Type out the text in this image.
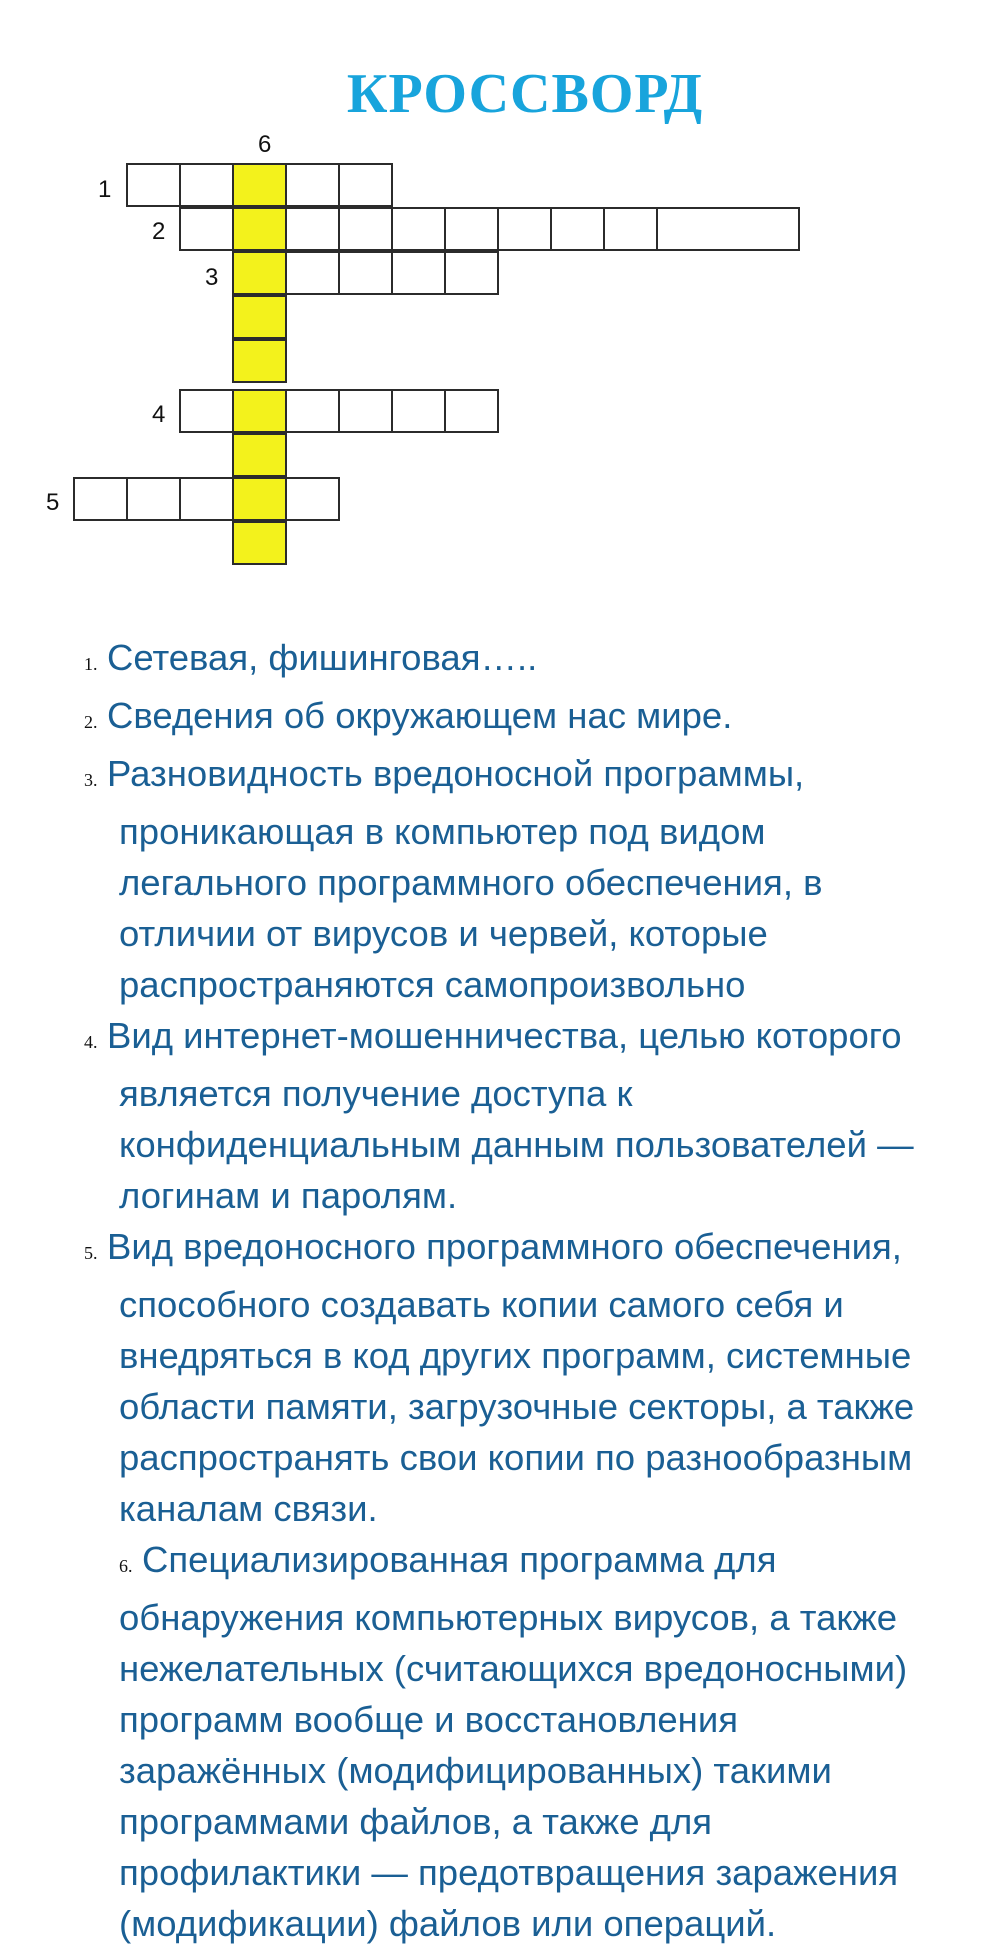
КРОССВОРД
1
2
3
4
5
6
1. Сетевая, фишинговая…..
2. Сведения об окружающем нас мире.
3. Разновидность вредоносной программы,
проникающая в компьютер под видом
легального программного обеспечения, в
отличии от вирусов и червей, которые
распространяются самопроизвольно
4. Вид интернет-мошенничества, целью которого
является получение доступа к
конфиденциальным данным пользователей —
логинам и паролям.
5. Вид вредоносного программного обеспечения,
способного создавать копии самого себя и
внедряться в код других программ, системные
области памяти, загрузочные секторы, а также
распространять свои копии по разнообразным
каналам связи.
6. Специализированная программа для
обнаружения компьютерных вирусов, а также
нежелательных (считающихся вредоносными)
программ вообще и восстановления
заражённых (модифицированных) такими
программами файлов, а также для
профилактики — предотвращения заражения
(модификации) файлов или операций.
